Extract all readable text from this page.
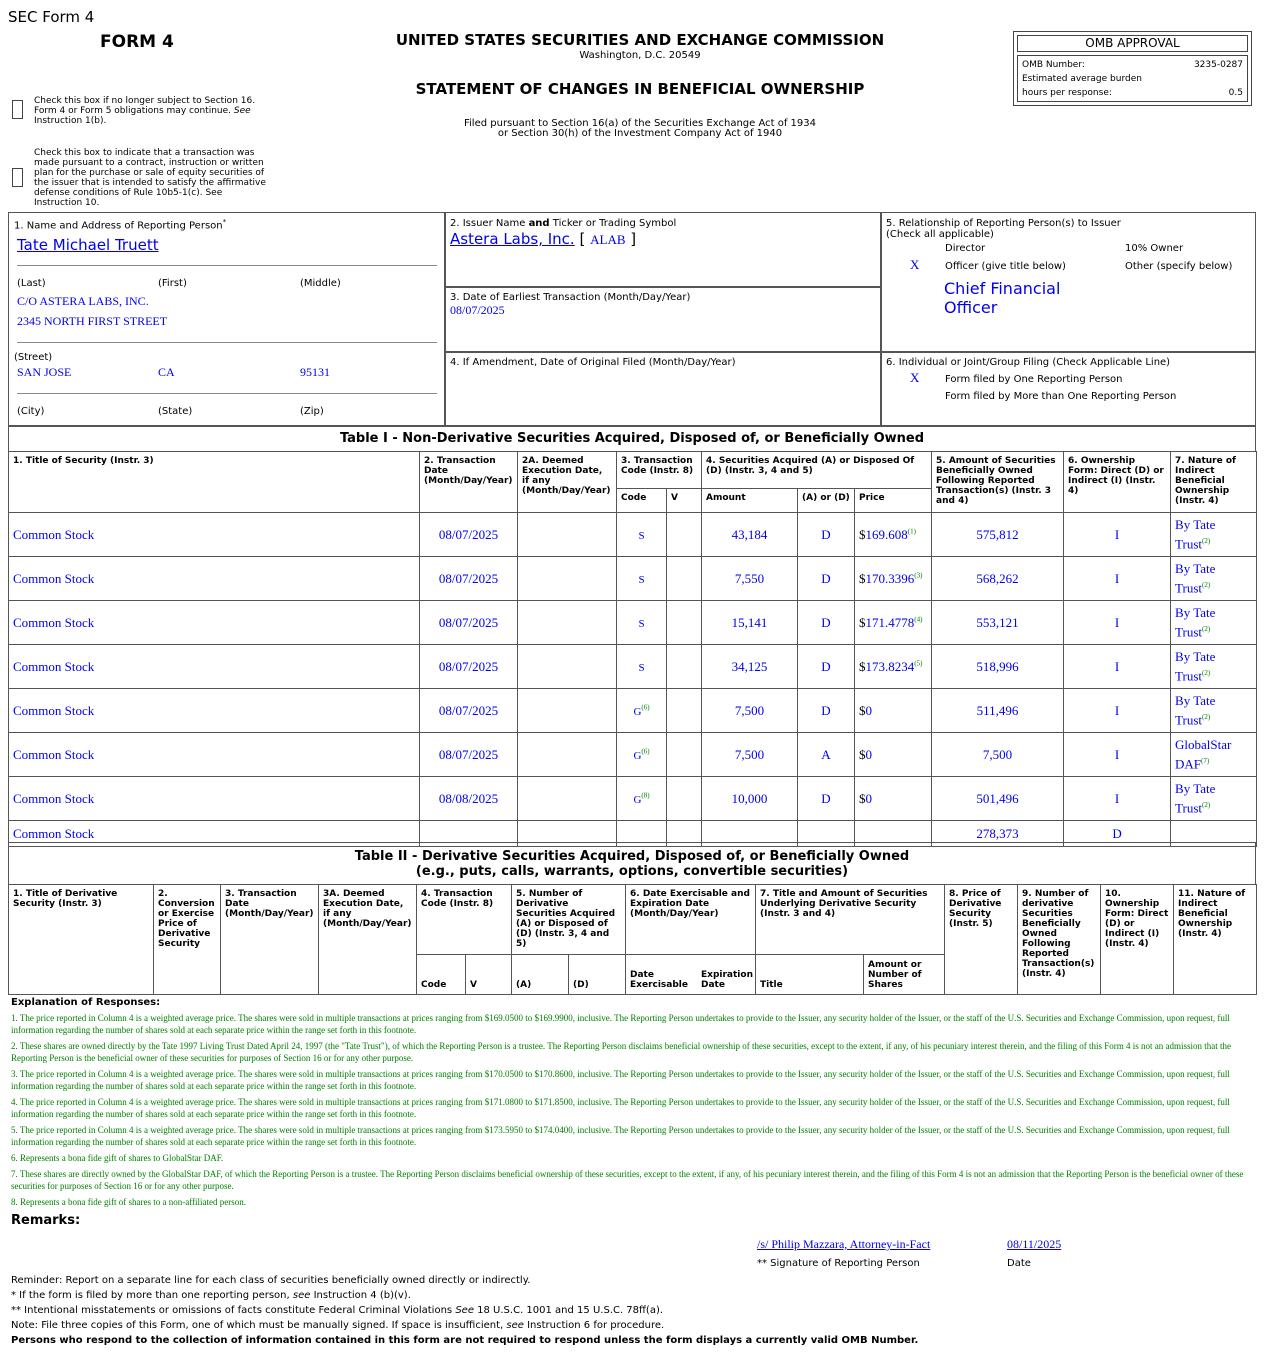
SEC Form 4
FORM 4	UNITED STATES SECURITIES AND EXCHANGE COMMISSION
Washington, D.C. 20549
STATEMENT OF CHANGES IN BENEFICIAL OWNERSHIP
Filed pursuant to Section 16(a) of the Securities Exchange Act of 1934
or Section 30(h) of the Investment Company Act of 1940
OMB APPROVAL
OMB Number:	3235-0287
Estimated average burden
hours per response:	0.5
Check this box if no longer subject to Section 16.
Form 4 or Form 5 obligations may continue. See
Instruction 1(b).
Check this box to indicate that a transaction was
made pursuant to a contract, instruction or written
plan for the purchase or sale of equity securities of
the issuer that is intended to satisfy the affirmative
defense conditions of Rule 10b5-1(c). See
Instruction 10.
1. Name and Address of Reporting Person*
Tate Michael Truett
(Last)	(First)	(Middle)
C/O ASTERA LABS, INC.
2345 NORTH FIRST STREET
(Street)
SAN JOSE	CA	95131
(City)	(State)	(Zip)
2. Issuer Name and Ticker or Trading Symbol
Astera Labs, Inc. [ ALAB ]
3. Date of Earliest Transaction (Month/Day/Year)
08/07/2025
4. If Amendment, Date of Original Filed (Month/Day/Year)
5. Relationship of Reporting Person(s) to Issuer
(Check all applicable)
Director	10% Owner
X	Officer (give title below)	Other (specify below)
Chief Financial
Officer
6. Individual or Joint/Group Filing (Check Applicable Line)
X	Form filed by One Reporting Person
Form filed by More than One Reporting Person
Table I - Non-Derivative Securities Acquired, Disposed of, or Beneficially Owned
1. Title of Security (Instr. 3)	2. Transaction Date (Month/Day/Year)	2A. Deemed Execution Date, if any (Month/Day/Year)	3. Transaction Code (Instr. 8)		4. Securities Acquired (A) or Disposed Of (D) (Instr. 3, 4 and 5)			5. Amount of Securities Beneficially Owned Following Reported Transaction(s) (Instr. 3 and 4)	6. Ownership Form: Direct (D) or Indirect (I) (Instr. 4)	7. Nature of Indirect Beneficial Ownership (Instr. 4)
			Code	V	Amount	(A) or (D)	Price			
Common Stock	08/07/2025		S		43,184	D	$169.608$^{(1)}$	575,812	I	By Tate
Trust$^{(2)}$

Common Stock	08/07/2025		S		7,550	D	$170.3396$^{(3)}$	568,262	I	By Tate
Trust$^{(2)}$

Common Stock	08/07/2025		S		15,141	D	$171.4778$^{(4)}$	553,121	I	By Tate
Trust$^{(2)}$

Common Stock	08/07/2025		S		34,125	D	$173.8234$^{(5)}$	518,996	I	By Tate
Trust$^{(2)}$

Common Stock	08/07/2025		G$^{(6)}$		7,500	D	$0	511,496	I	By Tate
Trust$^{(2)}$

Common Stock	08/07/2025		G$^{(6)}$		7,500	A	$0	7,500	I	GlobalStar
DAF$^{(7)}$

Common Stock	08/08/2025		G$^{(8)}$		10,000	D	$0	501,496	I	By Tate
Trust$^{(2)}$

Common Stock								278,373	D	
Table II - Derivative Securities Acquired, Disposed of, or Beneficially Owned
(e.g., puts, calls, warrants, options, convertible securities)
1. Title of Derivative Security (Instr. 3)	2. Conversion or Exercise Price of Derivative Security	3. Transaction Date (Month/Day/Year)	3A. Deemed Execution Date, if any (Month/Day/Year)	4. Transaction Code (Instr. 8)		5. Number of Derivative Securities Acquired (A) or Disposed of (D) (Instr. 3, 4 and 5)		6. Date Exercisable and Expiration Date (Month/Day/Year)	7. Title and Amount of Securities Underlying Derivative Security (Instr. 3 and 4)		8. Price of Derivative Security (Instr. 5)	9. Number of derivative Securities Beneficially Owned Following Reported Transaction(s) (Instr. 4)	10. Ownership Form: Direct (D) or Indirect (I) (Instr. 4)	11. Nature of Indirect Beneficial Ownership (Instr. 4)
				Code	V	(A)	(D)	Date Exercisable
Expiration Date	Title	Amount or Number of Shares				
Explanation of Responses:
1. The price reported in Column 4 is a weighted average price. The shares were sold in multiple transactions at prices ranging from $169.0500 to $169.9900, inclusive. The Reporting Person undertakes to provide to the Issuer, any security holder of the Issuer, or the staff of the U.S. Securities and Exchange Commission, upon request, full information regarding the number of shares sold at each separate price within the range set forth in this footnote.
2. These shares are owned directly by the Tate 1997 Living Trust Dated April 24, 1997 (the "Tate Trust"), of which the Reporting Person is a trustee. The Reporting Person disclaims beneficial ownership of these securities, except to the extent, if any, of his pecuniary interest therein, and the filing of this Form 4 is not an admission that the Reporting Person is the beneficial owner of these securities for purposes of Section 16 or for any other purpose.
3. The price reported in Column 4 is a weighted average price. The shares were sold in multiple transactions at prices ranging from $170.0500 to $170.8600, inclusive. The Reporting Person undertakes to provide to the Issuer, any security holder of the Issuer, or the staff of the U.S. Securities and Exchange Commission, upon request, full information regarding the number of shares sold at each separate price within the range set forth in this footnote.
4. The price reported in Column 4 is a weighted average price. The shares were sold in multiple transactions at prices ranging from $171.0800 to $171.8500, inclusive. The Reporting Person undertakes to provide to the Issuer, any security holder of the Issuer, or the staff of the U.S. Securities and Exchange Commission, upon request, full information regarding the number of shares sold at each separate price within the range set forth in this footnote.
5. The price reported in Column 4 is a weighted average price. The shares were sold in multiple transactions at prices ranging from $173.5950 to $174.0400, inclusive. The Reporting Person undertakes to provide to the Issuer, any security holder of the Issuer, or the staff of the U.S. Securities and Exchange Commission, upon request, full information regarding the number of shares sold at each separate price within the range set forth in this footnote.
6. Represents a bona fide gift of shares to GlobalStar DAF.
7. These shares are directly owned by the GlobalStar DAF, of which the Reporting Person is a trustee. The Reporting Person disclaims beneficial ownership of these securities, except to the extent, if any, of his pecuniary interest therein, and the filing of this Form 4 is not an admission that the Reporting Person is the beneficial owner of these securities for purposes of Section 16 or for any other purpose.
8. Represents a bona fide gift of shares to a non-affiliated person.
Remarks:
/s/ Philip Mazzara, Attorney-in-Fact	08/11/2025
** Signature of Reporting Person	Date
Reminder: Report on a separate line for each class of securities beneficially owned directly or indirectly.
* If the form is filed by more than one reporting person, see Instruction 4 (b)(v).
** Intentional misstatements or omissions of facts constitute Federal Criminal Violations See 18 U.S.C. 1001 and 15 U.S.C. 78ff(a).
Note: File three copies of this Form, one of which must be manually signed. If space is insufficient, see Instruction 6 for procedure.
Persons who respond to the collection of information contained in this form are not required to respond unless the form displays a currently valid OMB Number.
